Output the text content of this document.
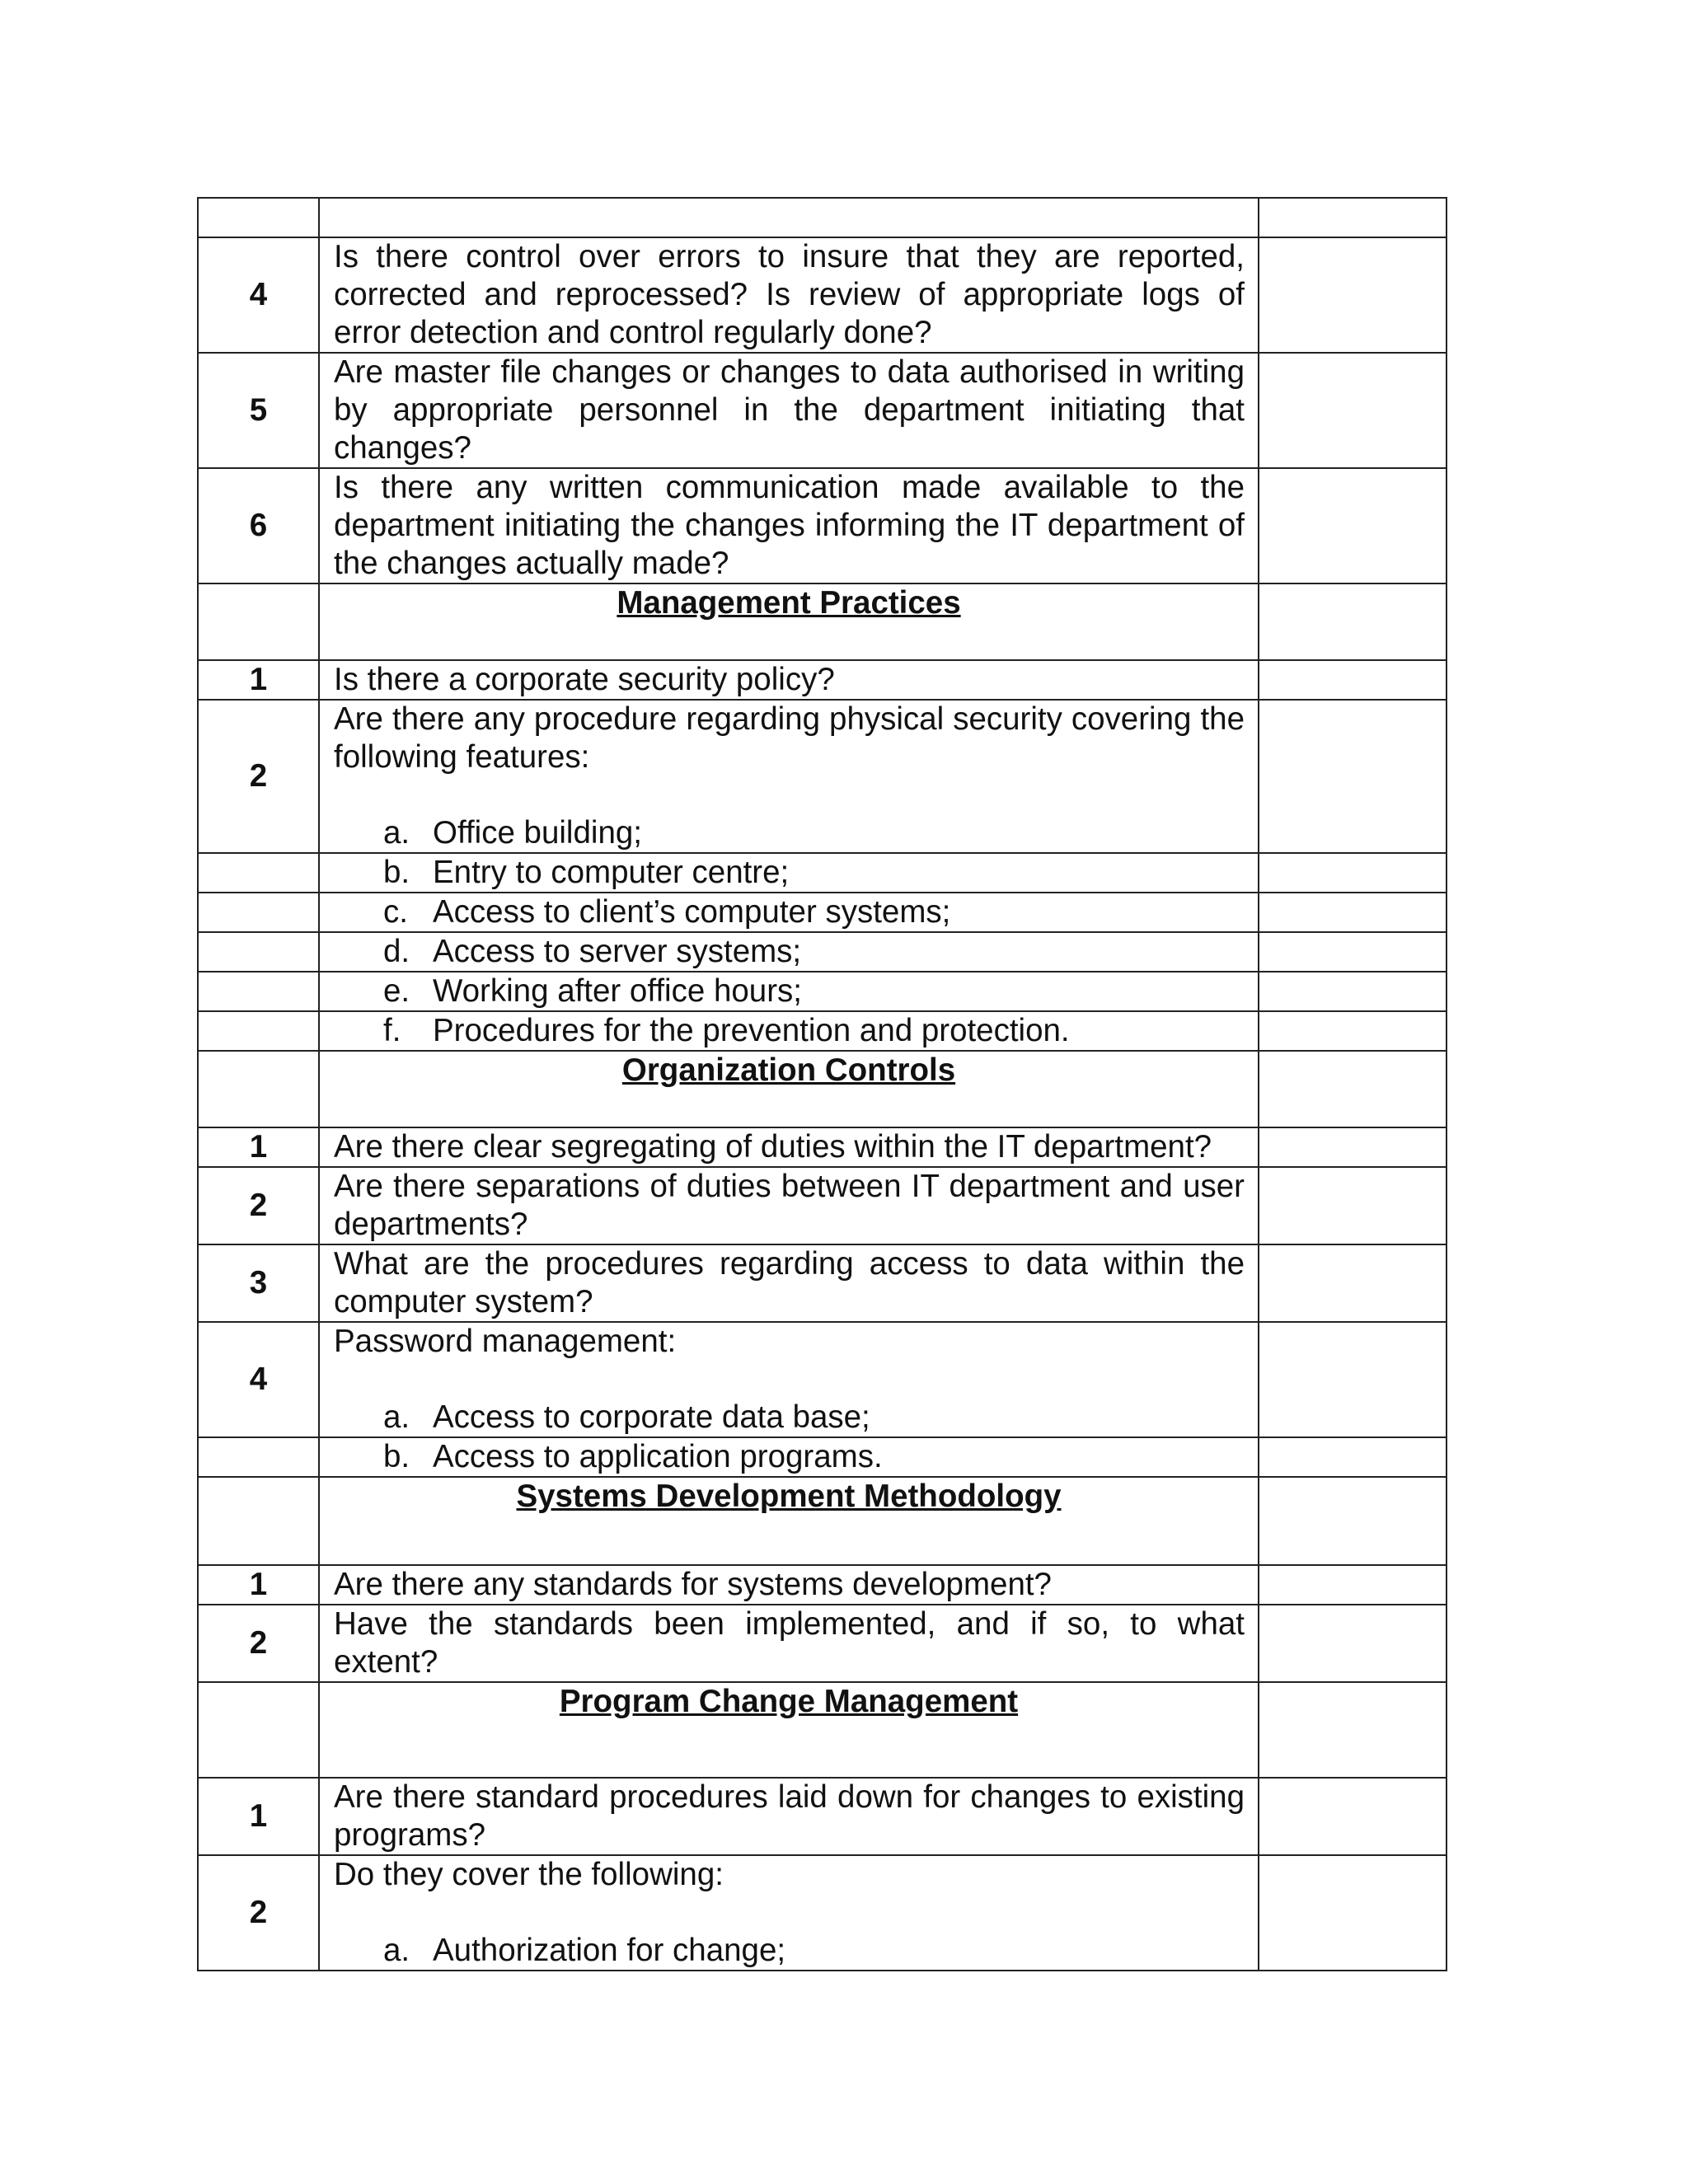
4	Is there control over errors to insure that they are reported, corrected and reprocessed? Is review of appropriate logs of error detection and control regularly done?	
5	Are master file changes or changes to data authorised in writing by appropriate personnel in the department initiating that changes?	
6	Is there any written communication made available to the department initiating the changes informing the IT department of the changes actually made?	
	Management Practices	
1	Is there a corporate security policy?	
2	Are there any procedure regarding physical security covering the following features:
a. Office building;	

	b. Entry to computer centre;	

	c. Access to client’s computer systems;	

	d. Access to server systems;	

	e. Working after office hours;	

	f. Procedures for the prevention and protection.	

	Organization Controls	
1	Are there clear segregating of duties within the IT department?	
2	Are there separations of duties between IT department and user departments?	
3	What are the procedures regarding access to data within the computer system?	
4	Password management:
a. Access to corporate data base;	

	b. Access to application programs.	

	Systems Development Methodology	
1	Are there any standards for systems development?	
2	Have the standards been implemented, and if so, to what extent?	
	Program Change Management	
1	Are there standard procedures laid down for changes to existing programs?	
2	Do they cover the following:
a. Authorization for change;	
